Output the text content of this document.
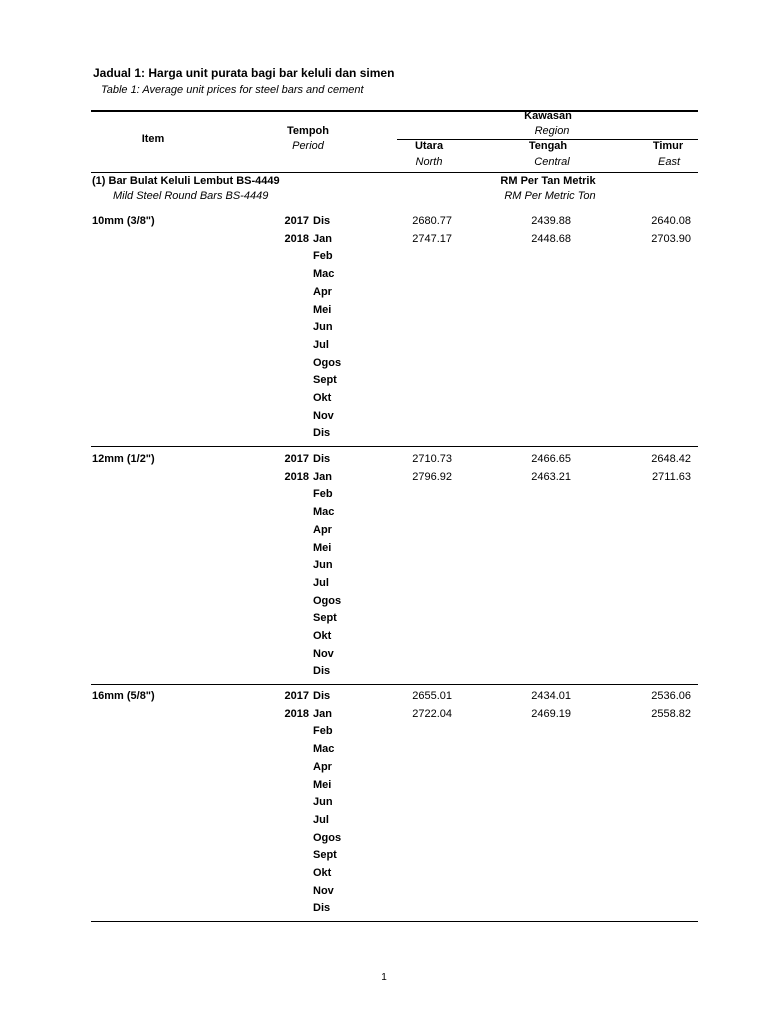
Jadual 1: Harga unit purata bagi bar keluli dan simen
Table 1: Average unit prices for steel bars and cement
Item
Tempoh
Period
Kawasan
Region
Utara	Tengah	Timur
North	Central	East
(1) Bar Bulat Keluli Lembut BS-4449
Mild Steel Round Bars BS-4449
RM Per Tan Metrik
RM Per Metric Ton
10mm (3/8")	2017 Dis	2680.77	2439.88	2640.08
2018 Jan	2747.17	2448.68	2703.90
Feb
Mac
Apr
Mei
Jun
Jul
Ogos
Sept
Okt
Nov
Dis
12mm (1/2")	2017 Dis	2710.73	2466.65	2648.42
2018 Jan	2796.92	2463.21	2711.63
Feb
Mac
Apr
Mei
Jun
Jul
Ogos
Sept
Okt
Nov
Dis
16mm (5/8")	2017 Dis	2655.01	2434.01	2536.06
2018 Jan	2722.04	2469.19	2558.82
Feb
Mac
Apr
Mei
Jun
Jul
Ogos
Sept
Okt
Nov
Dis
1
